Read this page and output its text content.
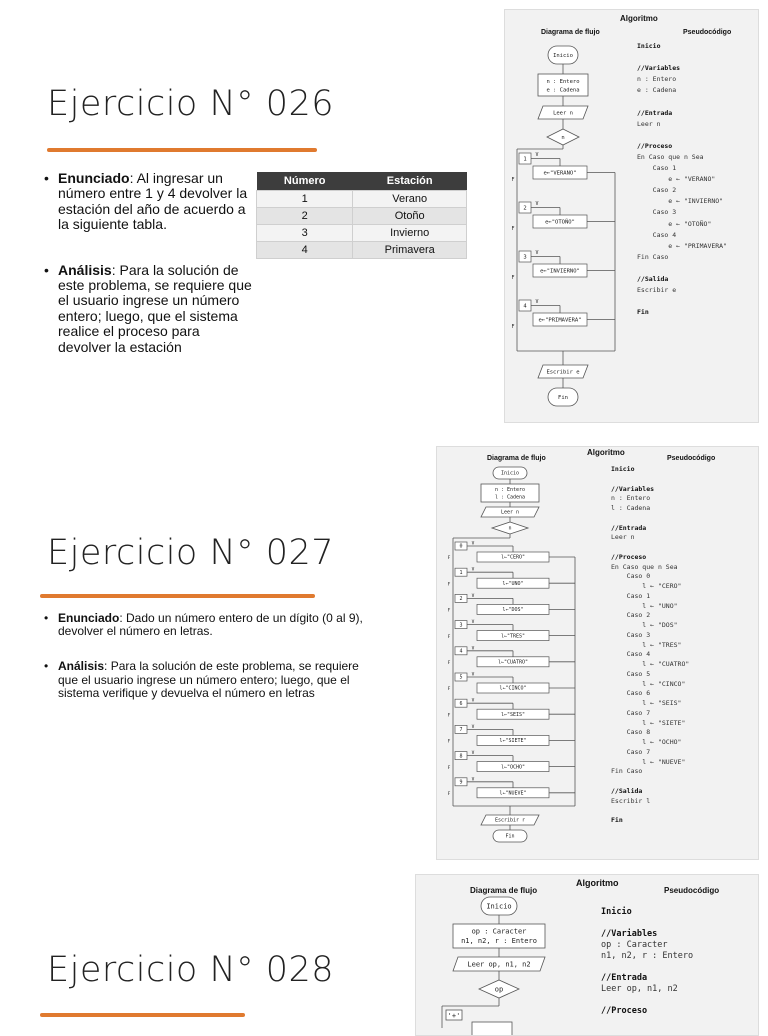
Ejercicio N° 026
• Enunciado: Al ingresar un número entre 1 y 4 devolver la estación del año de acuerdo a la siguiente tabla.
• Análisis: Para la solución de este problema, se requiere que el usuario ingrese un número entero; luego, que el sistema realice el proceso para devolver la estación
Número	Estación
1	Verano
2	Otoño
3	Invierno
4	Primavera
Algoritmo
Diagrama de flujo	Pseudocódigo
Inicio
n : Entero
e : Cadena
Leer n
n
1
V
F
e←"VERANO"
2
V
F
e←"OTOÑO"
3
V
F
e←"INVIERNO"
4
V
F
e←"PRIMAVERA"
Escribir e
Fin
Inicio

//Variables
n : Entero
e : Cadena

//Entrada
Leer n

//Proceso
En Caso que n Sea
Caso 1
e ← "VERANO"
Caso 2
e ← "INVIERNO"
Caso 3
e ← "OTOÑO"
Caso 4
e ← "PRIMAVERA"
Fin Caso

//Salida
Escribir e

Fin
Ejercicio N° 027
• Enunciado: Dado un número entero de un dígito (0 al 9), devolver el número en letras.
• Análisis: Para la solución de este problema, se requiere que el usuario ingrese un número entero; luego, que el sistema verifique y devuelva el número en letras
Algoritmo
Diagrama de flujo	Pseudocódigo
Inicio
n : Entero
l : Cadena
Leer n
n
0 V
F	l←"CERO"
1 V
F	l←"UNO"
2 V
F	l←"DOS"
3 V
F	l←"TRES"
4 V
F	l←"CUATRO"
5 V
F	l←"CINCO"
6 V
F	l←"SEIS"
7 V
F	l←"SIETE"
8 V
F	l←"OCHO"
9 V
F	l←"NUEVE"
Escribir r
Fin
Inicio

//Variables
n : Entero
l : Cadena

//Entrada
Leer n

//Proceso
En Caso que n Sea
Caso 0
l ← "CERO"
Caso 1
l ← "UNO"
Caso 2
l ← "DOS"
Caso 3
l ← "TRES"
Caso 4
l ← "CUATRO"
Caso 5
l ← "CINCO"
Caso 6
l ← "SEIS"
Caso 7
l ← "SIETE"
Caso 8
l ← "OCHO"
Caso 7
l ← "NUEVE"
Fin Caso

//Salida
Escribir l

Fin
Ejercicio N° 028
Algoritmo
Diagrama de flujo	Pseudocódigo
Inicio
op : Caracter
n1, n2, r : Entero
Leer op, n1, n2
op
'+'
Inicio

//Variables
op : Caracter
n1, n2, r : Entero

//Entrada
Leer op, n1, n2

//Proceso
